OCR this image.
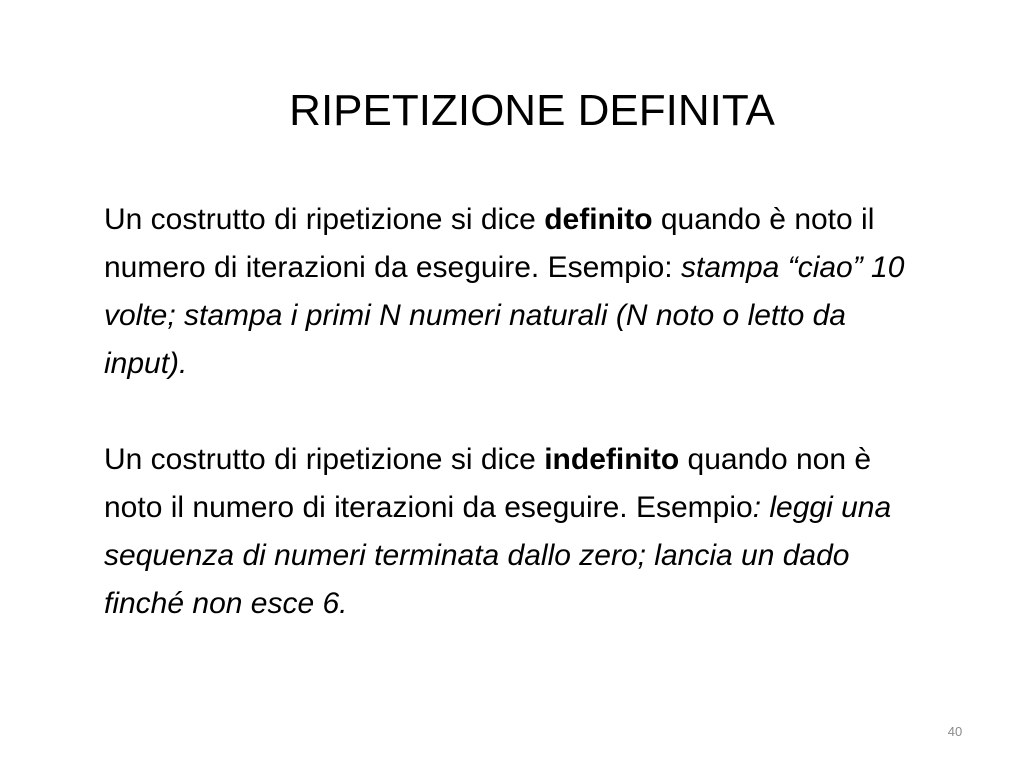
RIPETIZIONE DEFINITA

Un costrutto di ripetizione si dice definito quando è noto il numero di iterazioni da eseguire. Esempio: stampa “ciao” 10 volte; stampa i primi N numeri naturali (N noto o letto da input).

Un costrutto di ripetizione si dice indefinito quando non è noto il numero di iterazioni da eseguire. Esempio: leggi una sequenza di numeri terminata dallo zero; lancia un dado finché non esce 6.

40
